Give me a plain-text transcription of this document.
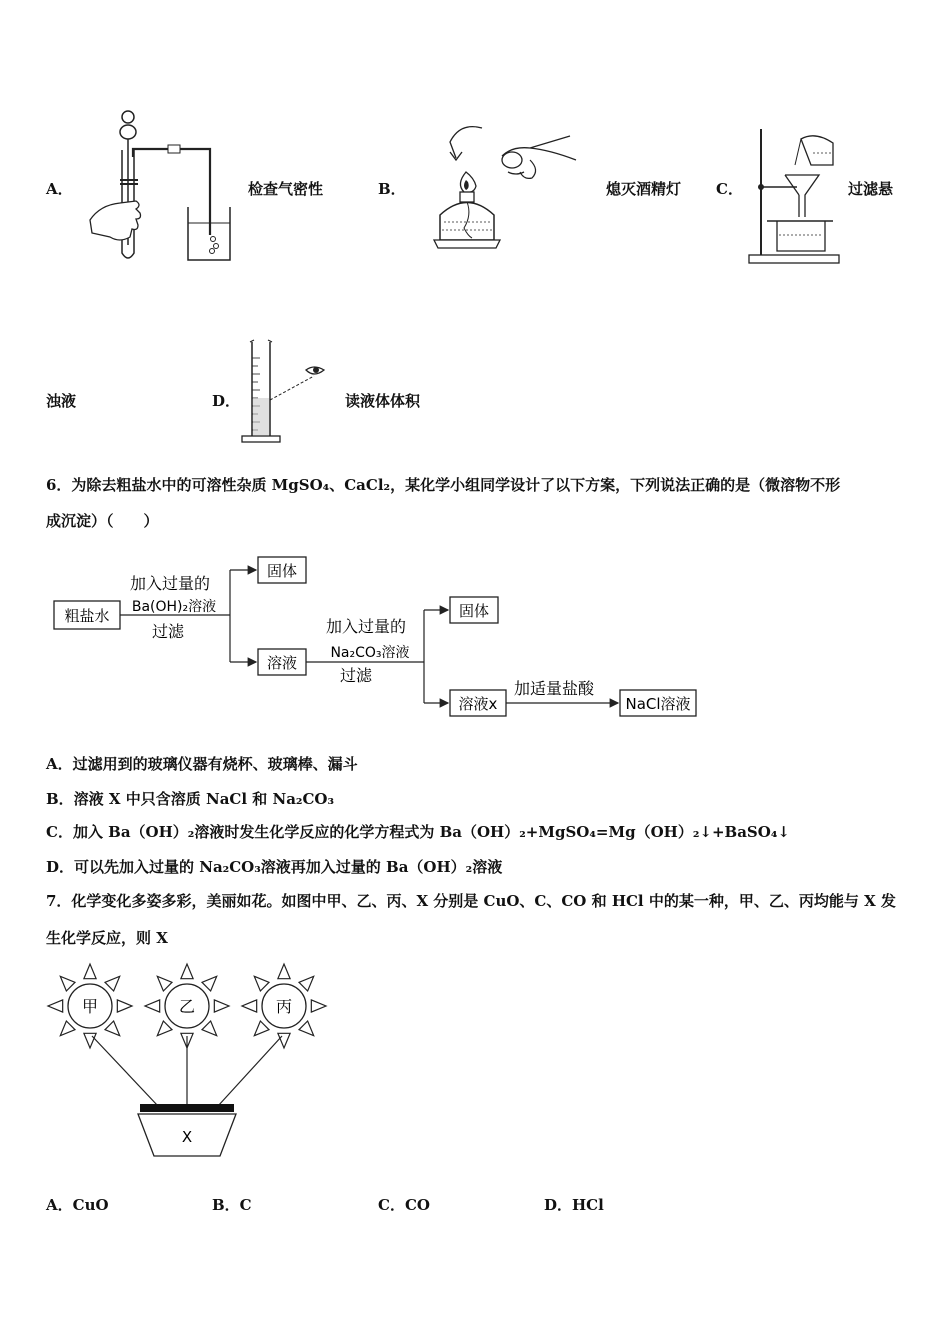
A．	检查气密性	B．	熄灭酒精灯 C．	过滤悬
浊液	D．	读液体体积
6．为除去粗盐水中的可溶性杂质 MgSO₄、CaCl₂，某化学小组同学设计了以下方案，下列说法正确的是（微溶物不形
成沉淀）（　　）
粗盐水
固体
溶液
固体
溶液x	NaCl溶液
加入过量的
Ba(OH)₂溶液
过滤	加入过量的
Na₂CO₃溶液
过滤
加适量盐酸
A．过滤用到的玻璃仪器有烧杯、玻璃棒、漏斗
B．溶液 X 中只含溶质 NaCl 和 Na₂CO₃
C．加入 Ba（OH）₂溶液时发生化学反应的化学方程式为 Ba（OH）₂+MgSO₄=Mg（OH）₂↓+BaSO₄↓
D．可以先加入过量的 Na₂CO₃溶液再加入过量的 Ba（OH）₂溶液
7．化学变化多姿多彩，美丽如花。如图中甲、乙、丙、X 分别是 CuO、C、CO 和 HCl 中的某一种，甲、乙、丙均能与 X 发
生化学反应，则 X
X
甲	乙	丙
A．CuO	B．C	C．CO	D．HCl
